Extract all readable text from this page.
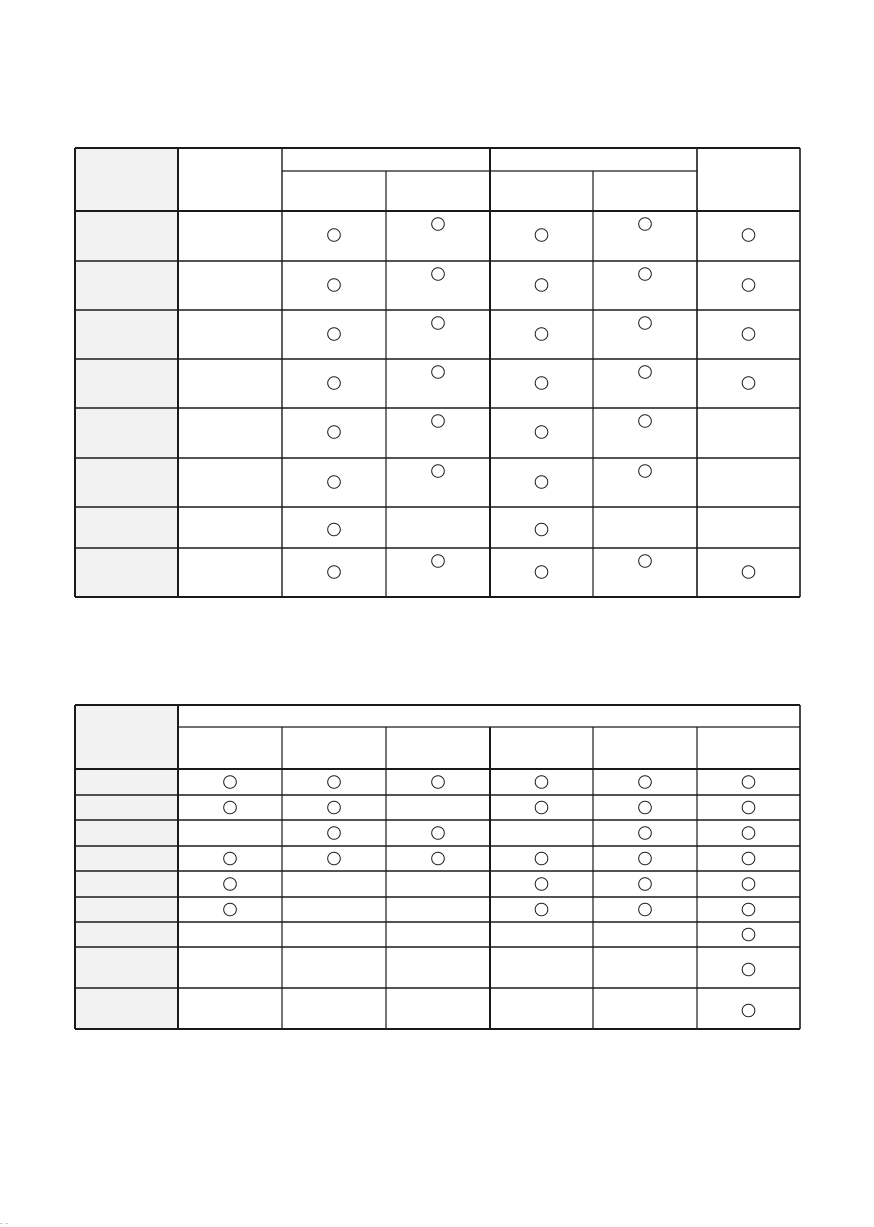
–   –
